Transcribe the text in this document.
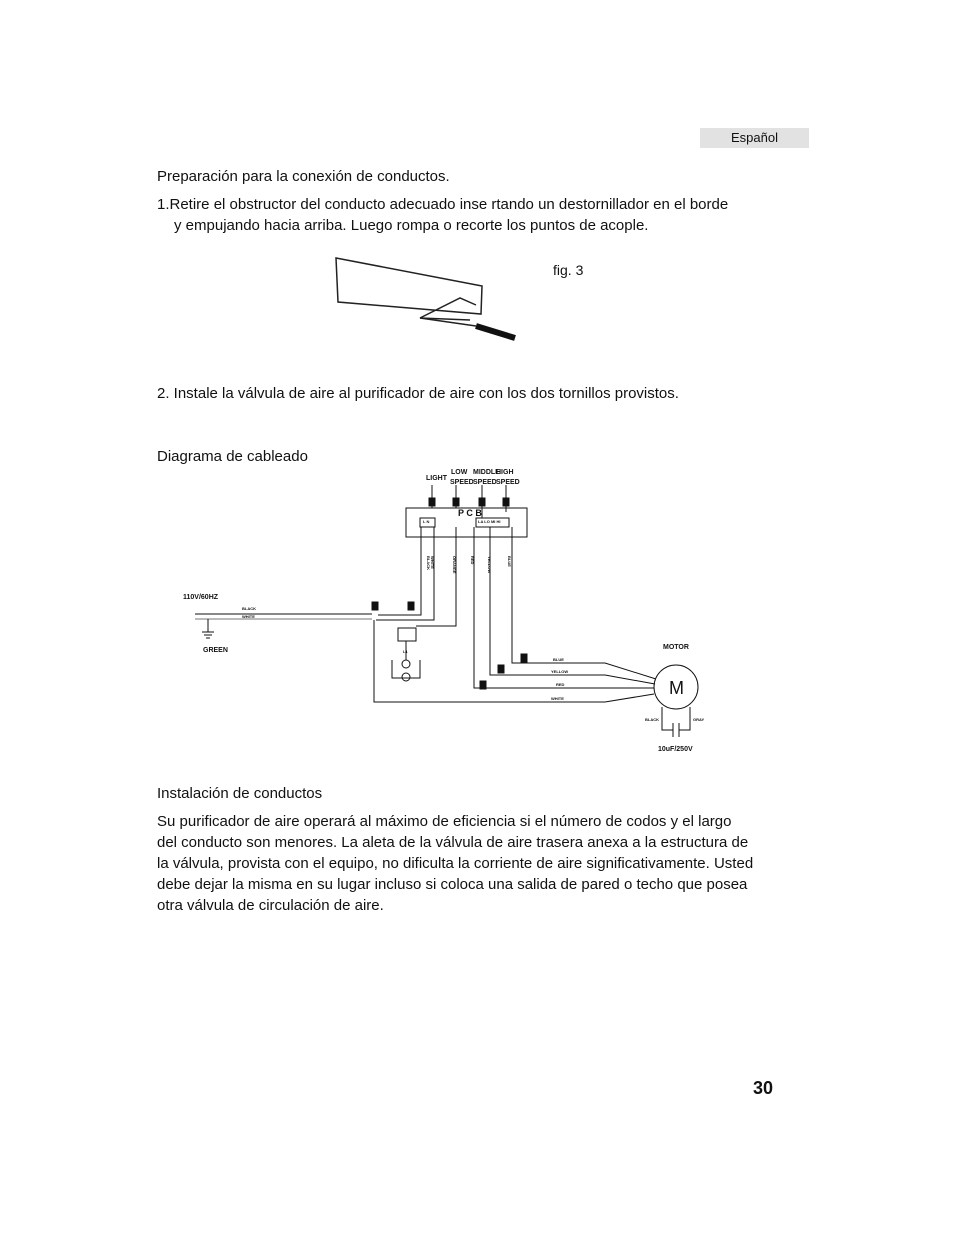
Español
Preparación para la conexión de conductos.
1.Retire el obstructor del conducto adecuado inse rtando un destornillador en el borde
y empujando hacia arriba. Luego rompa o recorte los puntos de acople.
2. Instale la válvula de aire al purificador de aire con los dos tornillos provistos.
Diagrama de cableado
Instalación de conductos
Su purificador de aire operará al máximo de eficiencia si el número de codos y el largo
del conducto son menores. La aleta de la válvula de aire trasera anexa a la estructura de
la válvula, provista con el equipo, no dificulta la corriente de aire significativamente. Usted
debe dejar la misma en su lugar incluso si coloca una salida de pared o techo que posea
otra válvula de circulación de aire.
30
fig. 3
LIGHT
LOW
SPEED
MIDDLE
SPEED
HIGH
SPEED
P C B
L N	LA LO MI HI
BLACK WHITE	ORANGE	RED	YELLOW	BLUE
110V/60HZ
BLACK
WHITE
GREEN	L1
MOTOR
M
BLUE
YELLOW
RED
WHITE
BLACK	GRAY
10uF/250V
